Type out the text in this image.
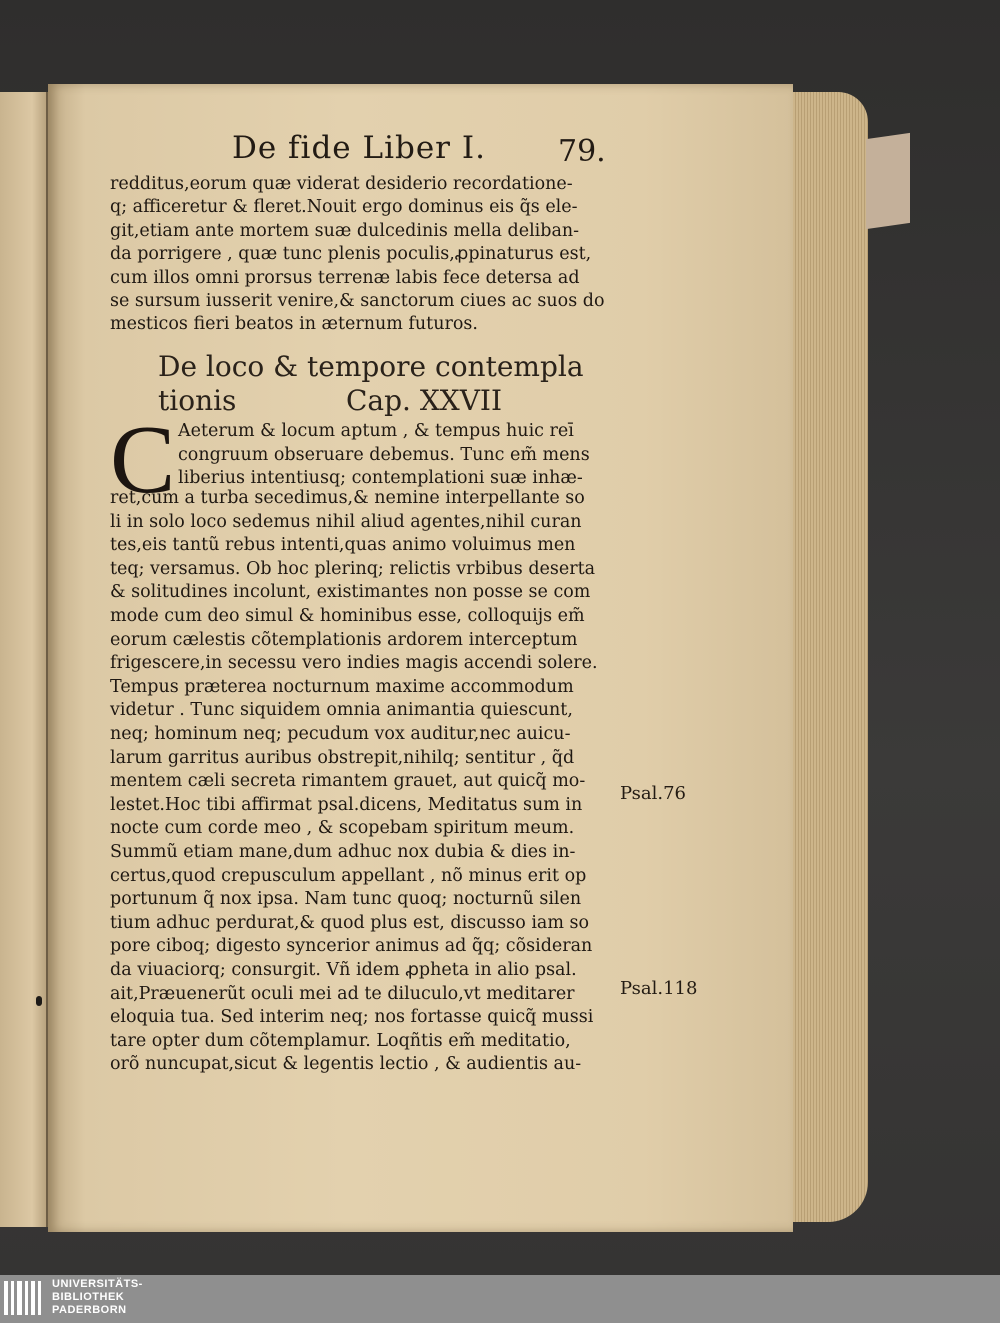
De fide Liber I. 79.
redditus,eorum quæ viderat desiderio recordatione-
q; afficeretur & fleret.Nouit ergo dominus eis q̃s ele-
git,etiam ante mortem suæ dulcedinis mella deliban-
da porrigere , quæ tunc plenis poculis,ꝓpinaturus est,
cum illos omni prorsus terrenæ labis fece detersa ad
se sursum iusserit venire,& sanctorum ciues ac suos do
mesticos fieri beatos in æternum futuros.
De loco & tempore contempla
tionis	Cap. XXVII
C Aeterum & locum aptum , & tempus huic reī
congruum obseruare debemus. Tunc em̃ mens
liberius intentiusq; contemplationi suæ inhæ-
ret,cum a turba secedimus,& nemine interpellante so
li in solo loco sedemus nihil aliud agentes,nihil curan
tes,eis tantũ rebus intenti,quas animo voluimus men
teq; versamus. Ob hoc plerinq; relictis vrbibus deserta
& solitudines incolunt, existimantes non posse se com
mode cum deo simul & hominibus esse, colloquijs em̃
eorum cælestis cõtemplationis ardorem interceptum
frigescere,in secessu vero indies magis accendi solere.
Tempus præterea nocturnum maxime accommodum
videtur . Tunc siquidem omnia animantia quiescunt,
neq; hominum neq; pecudum vox auditur,nec auicu-
larum garritus auribus obstrepit,nihilq; sentitur , q̃d
mentem cæli secreta rimantem grauet, aut quicq̃ mo-
lestet.Hoc tibi affirmat psal.dicens, Meditatus sum in
nocte cum corde meo , & scopebam spiritum meum.
Summũ etiam mane,dum adhuc nox dubia & dies in-
certus,quod crepusculum appellant , nõ minus erit op
portunum q̃ nox ipsa. Nam tunc quoq; nocturnũ silen
tium adhuc perdurat,& quod plus est, discusso iam so
pore ciboq; digesto syncerior animus ad q̃q; cõsideran
da viuaciorq; consurgit. Vñ idem ꝓpheta in alio psal.
ait,Præuenerũt oculi mei ad te diluculo,vt meditarer
eloquia tua. Sed interim neq; nos fortasse quicq̃ mussi
tare opter dum cõtemplamur. Loqñtis em̃ meditatio,
orõ nuncupat,sicut & legentis lectio , & audientis au-
Psal.76
Psal.118
UNIVERSITÄTS-
BIBLIOTHEK
PADERBORN
